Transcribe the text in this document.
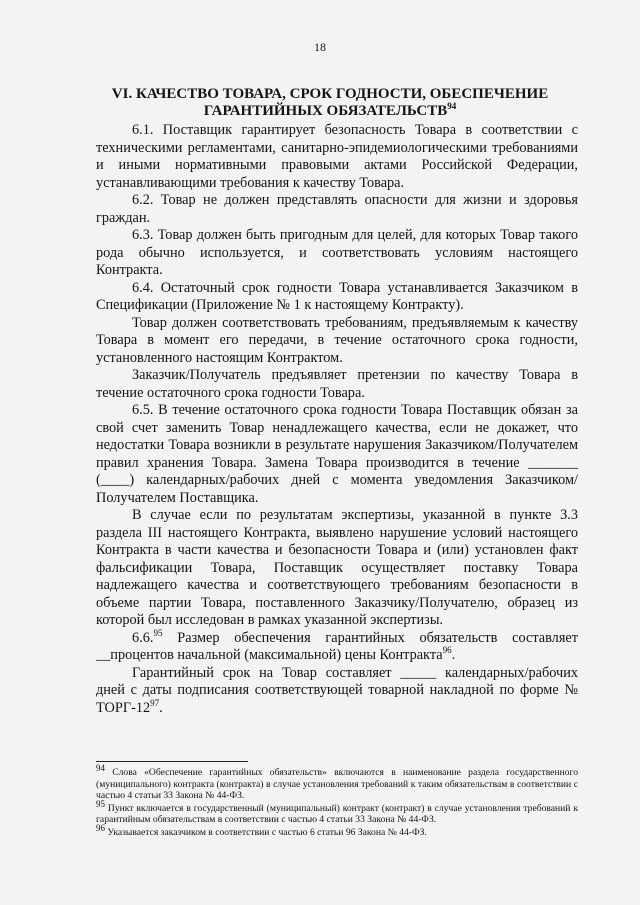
18
VI. КАЧЕСТВО ТОВАРА, СРОК ГОДНОСТИ, ОБЕСПЕЧЕНИЕ
ГАРАНТИЙНЫХ ОБЯЗАТЕЛЬСТВ$^{94}$

6.1. Поставщик гарантирует безопасность Товара в соответствии с техническими регламентами, санитарно-эпидемиологическими требованиями и иными нормативными правовыми актами Российской Федерации, устанавливающими требования к качеству Товара.

6.2. Товар не должен представлять опасности для жизни и здоровья граждан.

6.3. Товар должен быть пригодным для целей, для которых Товар такого рода обычно используется, и соответствовать условиям настоящего Контракта.

6.4. Остаточный срок годности Товара устанавливается Заказчиком в Спецификации (Приложение № 1 к настоящему Контракту).

Товар должен соответствовать требованиям, предъявляемым к качеству Товара в момент его передачи, в течение остаточного срока годности, установленного настоящим Контрактом.

Заказчик/Получатель предъявляет претензии по качеству Товара в течение остаточного срока годности Товара.

6.5. В течение остаточного срока годности Товара Поставщик обязан за свой счет заменить Товар ненадлежащего качества, если не докажет, что недостатки Товара возникли в результате нарушения Заказчиком/Получателем правил хранения Товара. Замена Товара производится в течение _______ (____) календарных/рабочих дней с момента уведомления Заказчиком/Получателем Поставщика.

В случае если по результатам экспертизы, указанной в пункте 3.3 раздела III настоящего Контракта, выявлено нарушение условий настоящего Контракта в части качества и безопасности Товара и (или) установлен факт фальсификации Товара, Поставщик осуществляет поставку Товара надлежащего качества и соответствующего требованиям безопасности в объеме партии Товара, поставленного Заказчику/Получателю, образец из которой был исследован в рамках указанной экспертизы.

6.6.95 Размер обеспечения гарантийных обязательств составляет __процентов начальной (максимальной) цены Контракта$^{96}$.

Гарантийный срок на Товар составляет _____ календарных/рабочих дней с даты подписания соответствующей товарной накладной по форме № ТОРГ-$12^{97}$.

$^{94}$ Слова «Обеспечение гарантийных обязательств» включаются в наименование раздела государственного (муниципального) контракта (контракта) в случае установления требований к таким обязательствам в соответствии с частью 4 статьи 33 Закона № 44-ФЗ.

$^{95}$ Пункт включается в государственный (муниципальный) контракт (контракт) в случае установления требований к гарантийным обязательствам в соответствии с частью 4 статьи 33 Закона № 44-ФЗ.

$^{96}$ Указывается заказчиком в соответствии с частью 6 статьи 96 Закона № 44-ФЗ.
